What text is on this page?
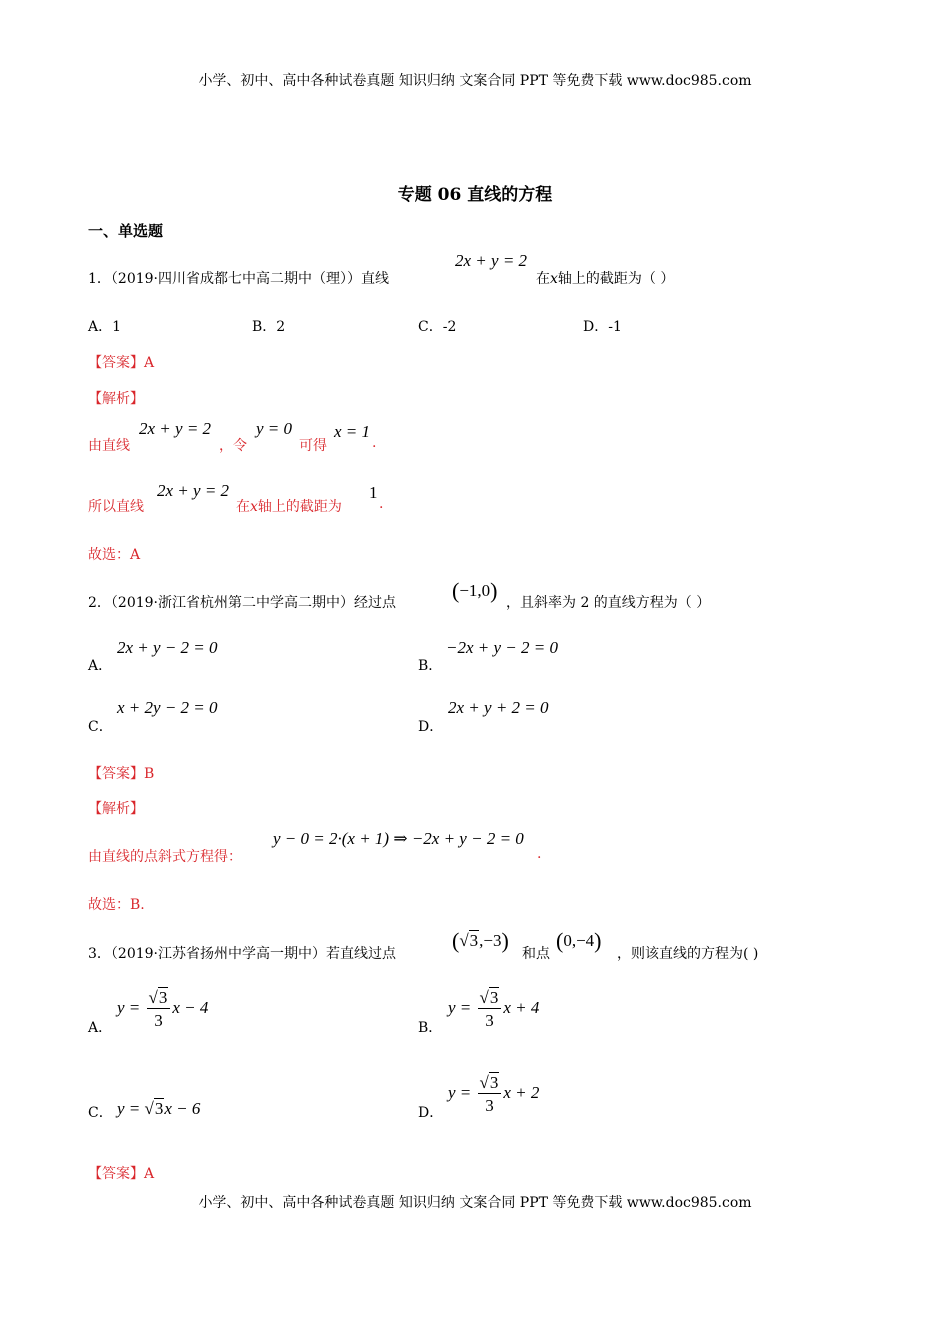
小学、初中、高中各种试卷真题 知识归纳 文案合同 PPT 等免费下载 www.doc985.com
小学、初中、高中各种试卷真题 知识归纳 文案合同 PPT 等免费下载 www.doc985.com
专题 06 直线的方程
一、单选题
1．（2019·四川省成都七中高二期中（理））直线
2x + y = 2
在x轴上的截距为（ ）
A．1	B．2	C．-2	D．-1
【答案】A
【解析】
由直线
2x + y = 2
，令
y = 0
可得
x = 1
.
所以直线
2x + y = 2
在x轴上的截距为
1
.
故选：A
2．（2019·浙江省杭州第二中学高二期中）经过点	(−1,0) ，且斜率为 2 的直线方程为（ ）
A．
2x + y − 2 = 0
B．
−2x + y − 2 = 0
C．
x + 2y − 2 = 0
D．
2x + y + 2 = 0
【答案】B
【解析】
由直线的点斜式方程得：
y − 0 = 2·(x + 1) ⇒ −2x + y − 2 = 0
.
故选：B.
3．（2019·江苏省扬州中学高一期中）若直线过点
(√3,−3)
和点
(0,−4)
，则该直线的方程为( )
A．
$y = \frac{√3}{3}$ x − 4
B．
$y = \frac{√3}{3}$ x + 4
C． y = √3x − 6	D．
$y = \frac{√3}{3}$ x + 2
【答案】A
